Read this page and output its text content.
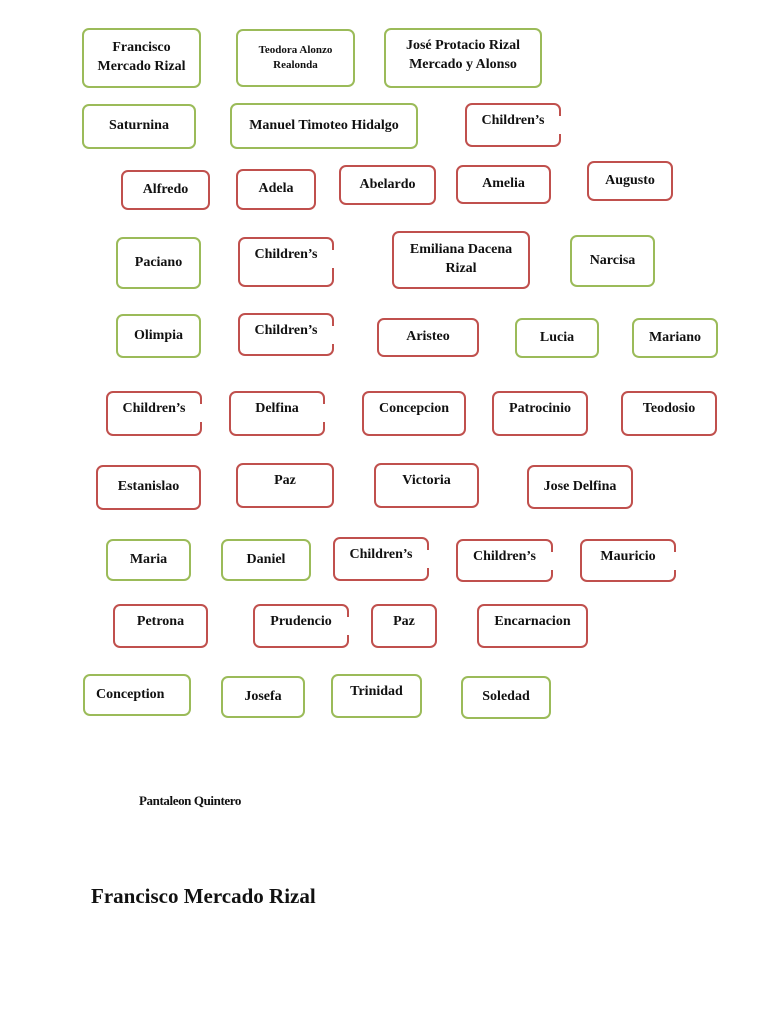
Francisco
Mercado Rizal
Teodora Alonzo
Realonda
José Protacio Rizal
Mercado y Alonso
Saturnina	Manuel Timoteo Hidalgo	Children’s
Alfredo	Adela	Abelardo	Amelia	Augusto
Paciano
Children’s	Emiliana Dacena
Rizal
Narcisa
Olimpia	Children’s	Aristeo	Lucia	Mariano
Children’s	Delfina	Concepcion	Patrocinio	Teodosio
Estanislao	Paz	Victoria	Jose Delfina
Maria	Daniel	Children’s	Children’s	Mauricio
Petrona	Prudencio	Paz	Encarnacion
Conception	Josefa	Trinidad	Soledad
Pantaleon Quintero
Francisco Mercado Rizal
